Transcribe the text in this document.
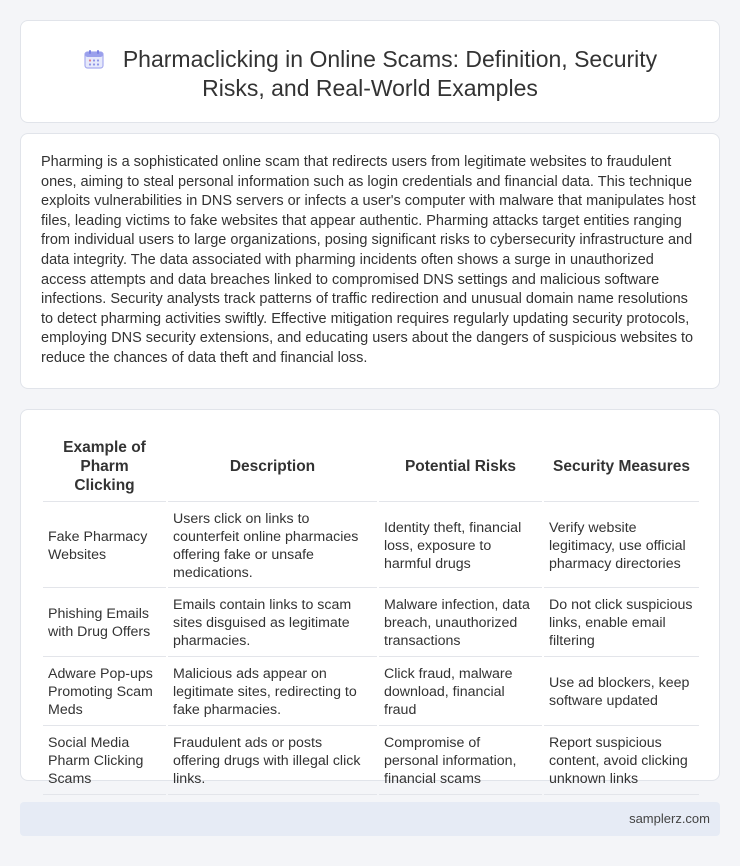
Pharmaclicking in Online Scams: Definition, Security Risks, and Real-World Examples

Pharming is a sophisticated online scam that redirects users from legitimate websites to fraudulent ones, aiming to steal personal information such as login credentials and financial data. This technique exploits vulnerabilities in DNS servers or infects a user's computer with malware that manipulates host files, leading victims to fake websites that appear authentic. Pharming attacks target entities ranging from individual users to large organizations, posing significant risks to cybersecurity infrastructure and data integrity. The data associated with pharming incidents often shows a surge in unauthorized access attempts and data breaches linked to compromised DNS settings and malicious software infections. Security analysts track patterns of traffic redirection and unusual domain name resolutions to detect pharming activities swiftly. Effective mitigation requires regularly updating security protocols, employing DNS security extensions, and educating users about the dangers of suspicious websites to reduce the chances of data theft and financial loss.

Example of Pharm Clicking	Description	Potential Risks	Security Measures
Fake Pharmacy Websites	Users click on links to counterfeit online pharmacies offering fake or unsafe medications.	Identity theft, financial loss, exposure to harmful drugs	Verify website legitimacy, use official pharmacy directories
Phishing Emails with Drug Offers	Emails contain links to scam sites disguised as legitimate pharmacies.	Malware infection, data breach, unauthorized transactions	Do not click suspicious links, enable email filtering
Adware Pop-ups Promoting Scam Meds	Malicious ads appear on legitimate sites, redirecting to fake pharmacies.	Click fraud, malware download, financial fraud	Use ad blockers, keep software updated
Social Media Pharm Clicking Scams	Fraudulent ads or posts offering drugs with illegal click links.	Compromise of personal information, financial scams	Report suspicious content, avoid clicking unknown links
samplerz.com
